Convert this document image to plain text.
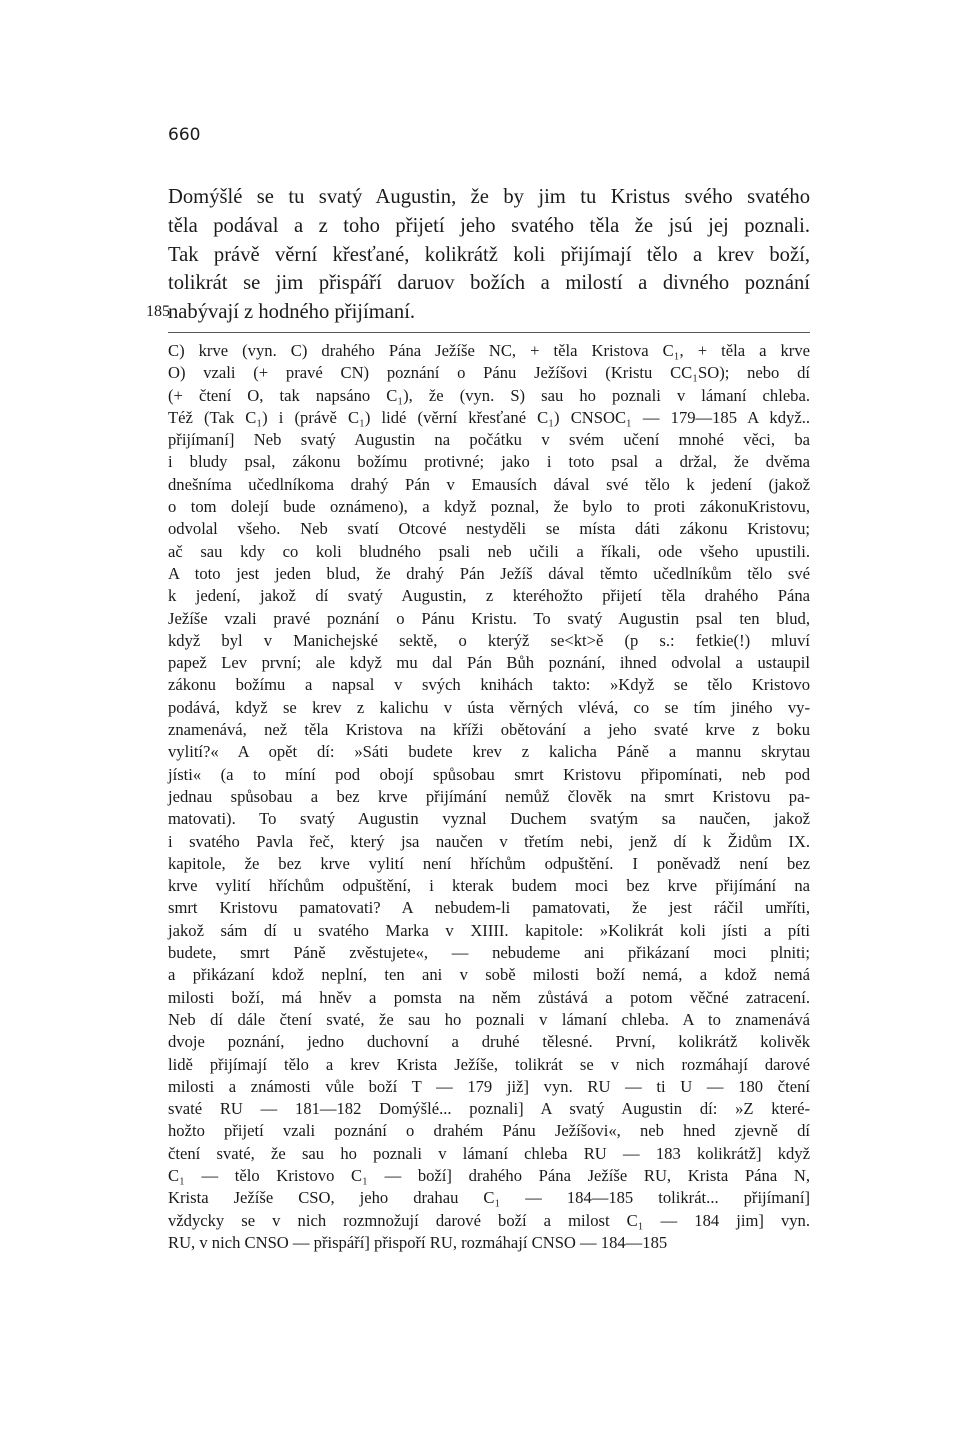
660
Domýšlé se tu svatý Augustin, že by jim tu Kristus svého svatého
těla podával a z toho přijetí jeho svatého těla že jsú jej poznali.
Tak právě věrní křesťané, kolikrátž koli přijímají tělo a krev boží,
tolikrát se jim přispáří daruov božích a milostí a divného poznání
185
nabývají z hodného přijímaní.
C) krve (vyn. C) drahého Pána Ježíše NC, + těla Kristova C₁, + těla a krve
O) vzali (+ pravé CN) poznání o Pánu Ježíšovi (Kristu CC₁SO); nebo dí
(+ čtení O, tak napsáno C₁), že (vyn. S) sau ho poznali v lámaní chleba.
Též (Tak C₁) i (právě C₁) lidé (věrní křesťané C₁) CNSOC₁ — 179—185 A když..
přijímaní] Neb svatý Augustin na počátku v svém učení mnohé věci, ba
i bludy psal, zákonu božímu protivné; jako i toto psal a držal, že dvěma
dnešníma učedlníkoma drahý Pán v Emausích dával své tělo k jedení (jakož
o tom dolejí bude oznámeno), a když poznal, že bylo to proti zákonuKristovu,
odvolal všeho. Neb svatí Otcové nestyděli se místa dáti zákonu Kristovu;
ač sau kdy co koli bludného psali neb učili a říkali, ode všeho upustili.
A toto jest jeden blud, že drahý Pán Ježíš dával těmto učedlníkům tělo své
k jedení, jakož dí svatý Augustin, z kteréhožto přijetí těla drahého Pána
Ježíše vzali pravé poznání o Pánu Kristu. To svatý Augustin psal ten blud,
když byl v Manichejské sektě, o kterýž se<kt>ě (p s.: fetkie(!) mluví
papež Lev první; ale když mu dal Pán Bůh poznání, ihned odvolal a ustaupil
zákonu božímu a napsal v svých knihách takto: »Když se tělo Kristovo
podává, když se krev z kalichu v ústa věrných vlévá, co se tím jiného vy-
znamenává, než těla Kristova na kříži obětování a jeho svaté krve z boku
vylití?« A opět dí: »Sáti budete krev z kalicha Páně a mannu skrytau
jísti« (a to míní pod obojí spůsobau smrt Kristovu připomínati, neb pod
jednau spůsobau a bez krve přijímání nemůž člověk na smrt Kristovu pa-
matovati). To svatý Augustin vyznal Duchem svatým sa naučen, jakož
i svatého Pavla řeč, který jsa naučen v třetím nebi, jenž dí k Židům IX.
kapitole, že bez krve vylití není hříchům odpuštění. I poněvadž není bez
krve vylití hříchům odpuštění, i kterak budem moci bez krve přijímání na
smrt Kristovu pamatovati? A nebudem-li pamatovati, že jest ráčil umříti,
jakož sám dí u svatého Marka v XIIII. kapitole: »Kolikrát koli jísti a píti
budete, smrt Páně zvěstujete«, — nebudeme ani přikázaní moci plniti;
a přikázaní kdož neplní, ten ani v sobě milosti boží nemá, a kdož nemá
milosti boží, má hněv a pomsta na něm zůstává a potom věčné zatracení.
Neb dí dále čtení svaté, že sau ho poznali v lámaní chleba. A to znamenává
dvoje poznání, jedno duchovní a druhé tělesné. První, kolikrátž kolivěk
lidě přijímají tělo a krev Krista Ježíše, tolikrát se v nich rozmáhají darové
milosti a známosti vůle boží T — 179 již] vyn. RU — ti U — 180 čtení
svaté RU — 181—182 Domýšlé... poznali] A svatý Augustin dí: »Z které-
hožto přijetí vzali poznání o drahém Pánu Ježíšovi«, neb hned zjevně dí
čtení svaté, že sau ho poznali v lámaní chleba RU — 183 kolikrátž] když
C₁ — tělo Kristovo C₁ — boží] drahého Pána Ježíše RU, Krista Pána N,
Krista Ježíše CSO, jeho drahau C₁ — 184—185 tolikrát... přijímaní]
vždycky se v nich rozmnožují darové boží a milost C₁ — 184 jim] vyn.
RU, v nich CNSO — přispáří] přispoří RU, rozmáhají CNSO — 184—185
